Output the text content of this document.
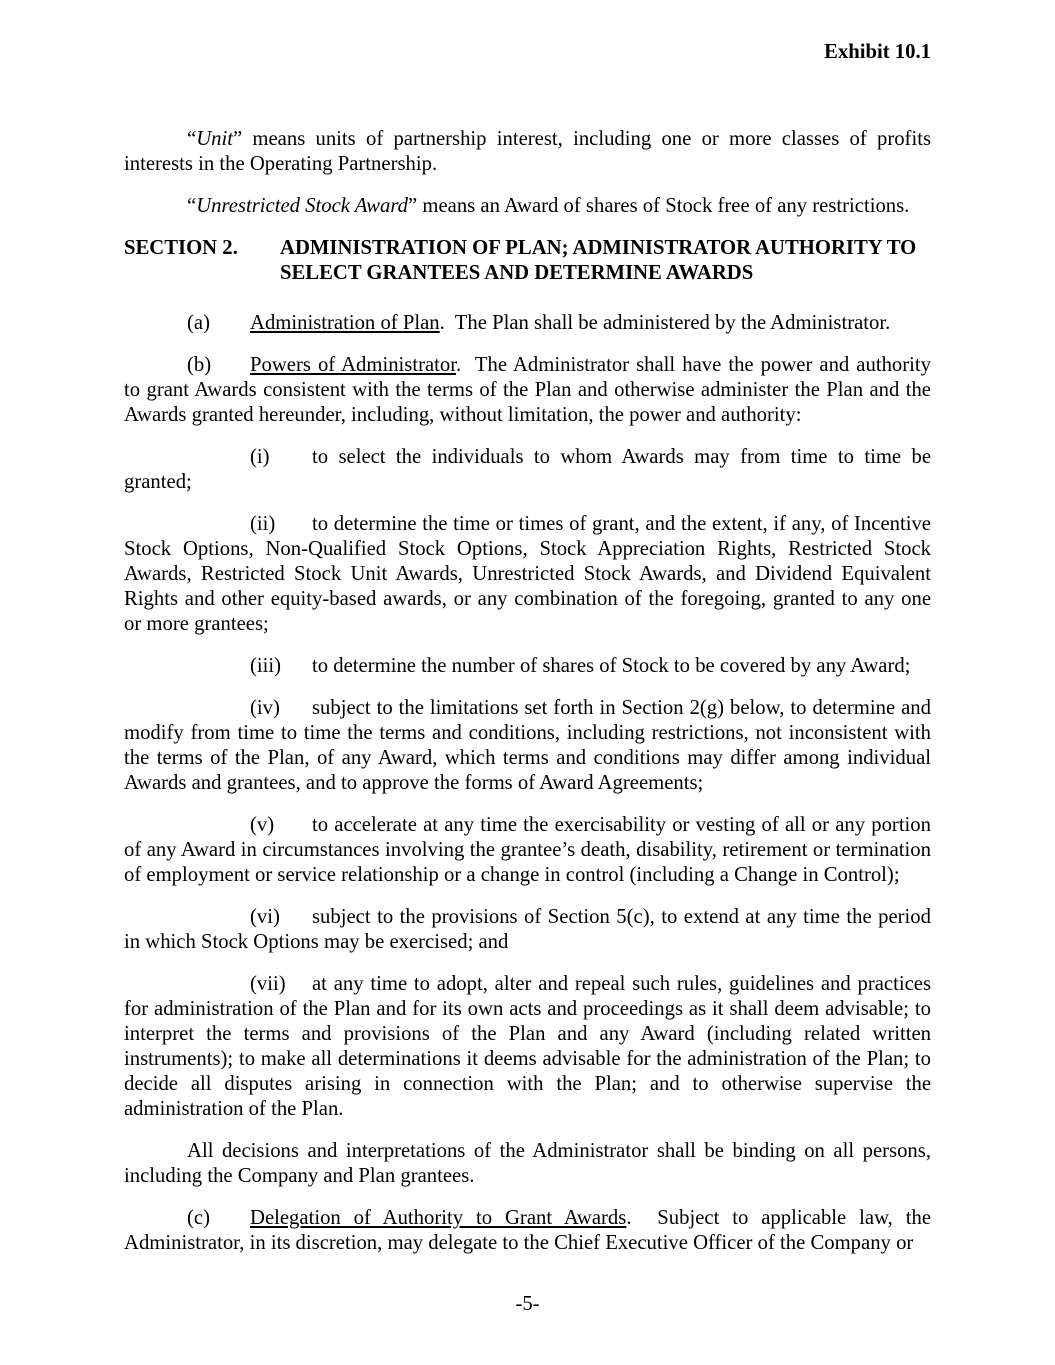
Exhibit 10.1
“Unit” means units of partnership interest, including one or more classes of profits interests in the Operating Partnership.
“Unrestricted Stock Award” means an Award of shares of Stock free of any restrictions.
SECTION 2. ADMINISTRATION OF PLAN; ADMINISTRATOR AUTHORITY TO
SELECT GRANTEES AND DETERMINE AWARDS
(a) Administration of Plan.  The Plan shall be administered by the Administrator.
(b) Powers of Administrator.  The Administrator shall have the power and authority to grant Awards consistent with the terms of the Plan and otherwise administer the Plan and the Awards granted hereunder, including, without limitation, the power and authority:
(i) to select the individuals to whom Awards may from time to time be granted;
(ii) to determine the time or times of grant, and the extent, if any, of Incentive Stock Options, Non-Qualified Stock Options, Stock Appreciation Rights, Restricted Stock Awards, Restricted Stock Unit Awards, Unrestricted Stock Awards, and Dividend Equivalent Rights and other equity-based awards, or any combination of the foregoing, granted to any one or more grantees;
(iii) to determine the number of shares of Stock to be covered by any Award;
(iv) subject to the limitations set forth in Section 2(g) below, to determine and modify from time to time the terms and conditions, including restrictions, not inconsistent with the terms of the Plan, of any Award, which terms and conditions may differ among individual Awards and grantees, and to approve the forms of Award Agreements;
(v) to accelerate at any time the exercisability or vesting of all or any portion of any Award in circumstances involving the grantee’s death, disability, retirement or termination of employment or service relationship or a change in control (including a Change in Control);
(vi) subject to the provisions of Section 5(c), to extend at any time the period in which Stock Options may be exercised; and
(vii) at any time to adopt, alter and repeal such rules, guidelines and practices for administration of the Plan and for its own acts and proceedings as it shall deem advisable; to interpret the terms and provisions of the Plan and any Award (including related written instruments); to make all determinations it deems advisable for the administration of the Plan; to decide all disputes arising in connection with the Plan; and to otherwise supervise the administration of the Plan.
All decisions and interpretations of the Administrator shall be binding on all persons, including the Company and Plan grantees.
(c) Delegation of Authority to Grant Awards.  Subject to applicable law, the Administrator, in its discretion, may delegate to the Chief Executive Officer of the Company or
-5-
